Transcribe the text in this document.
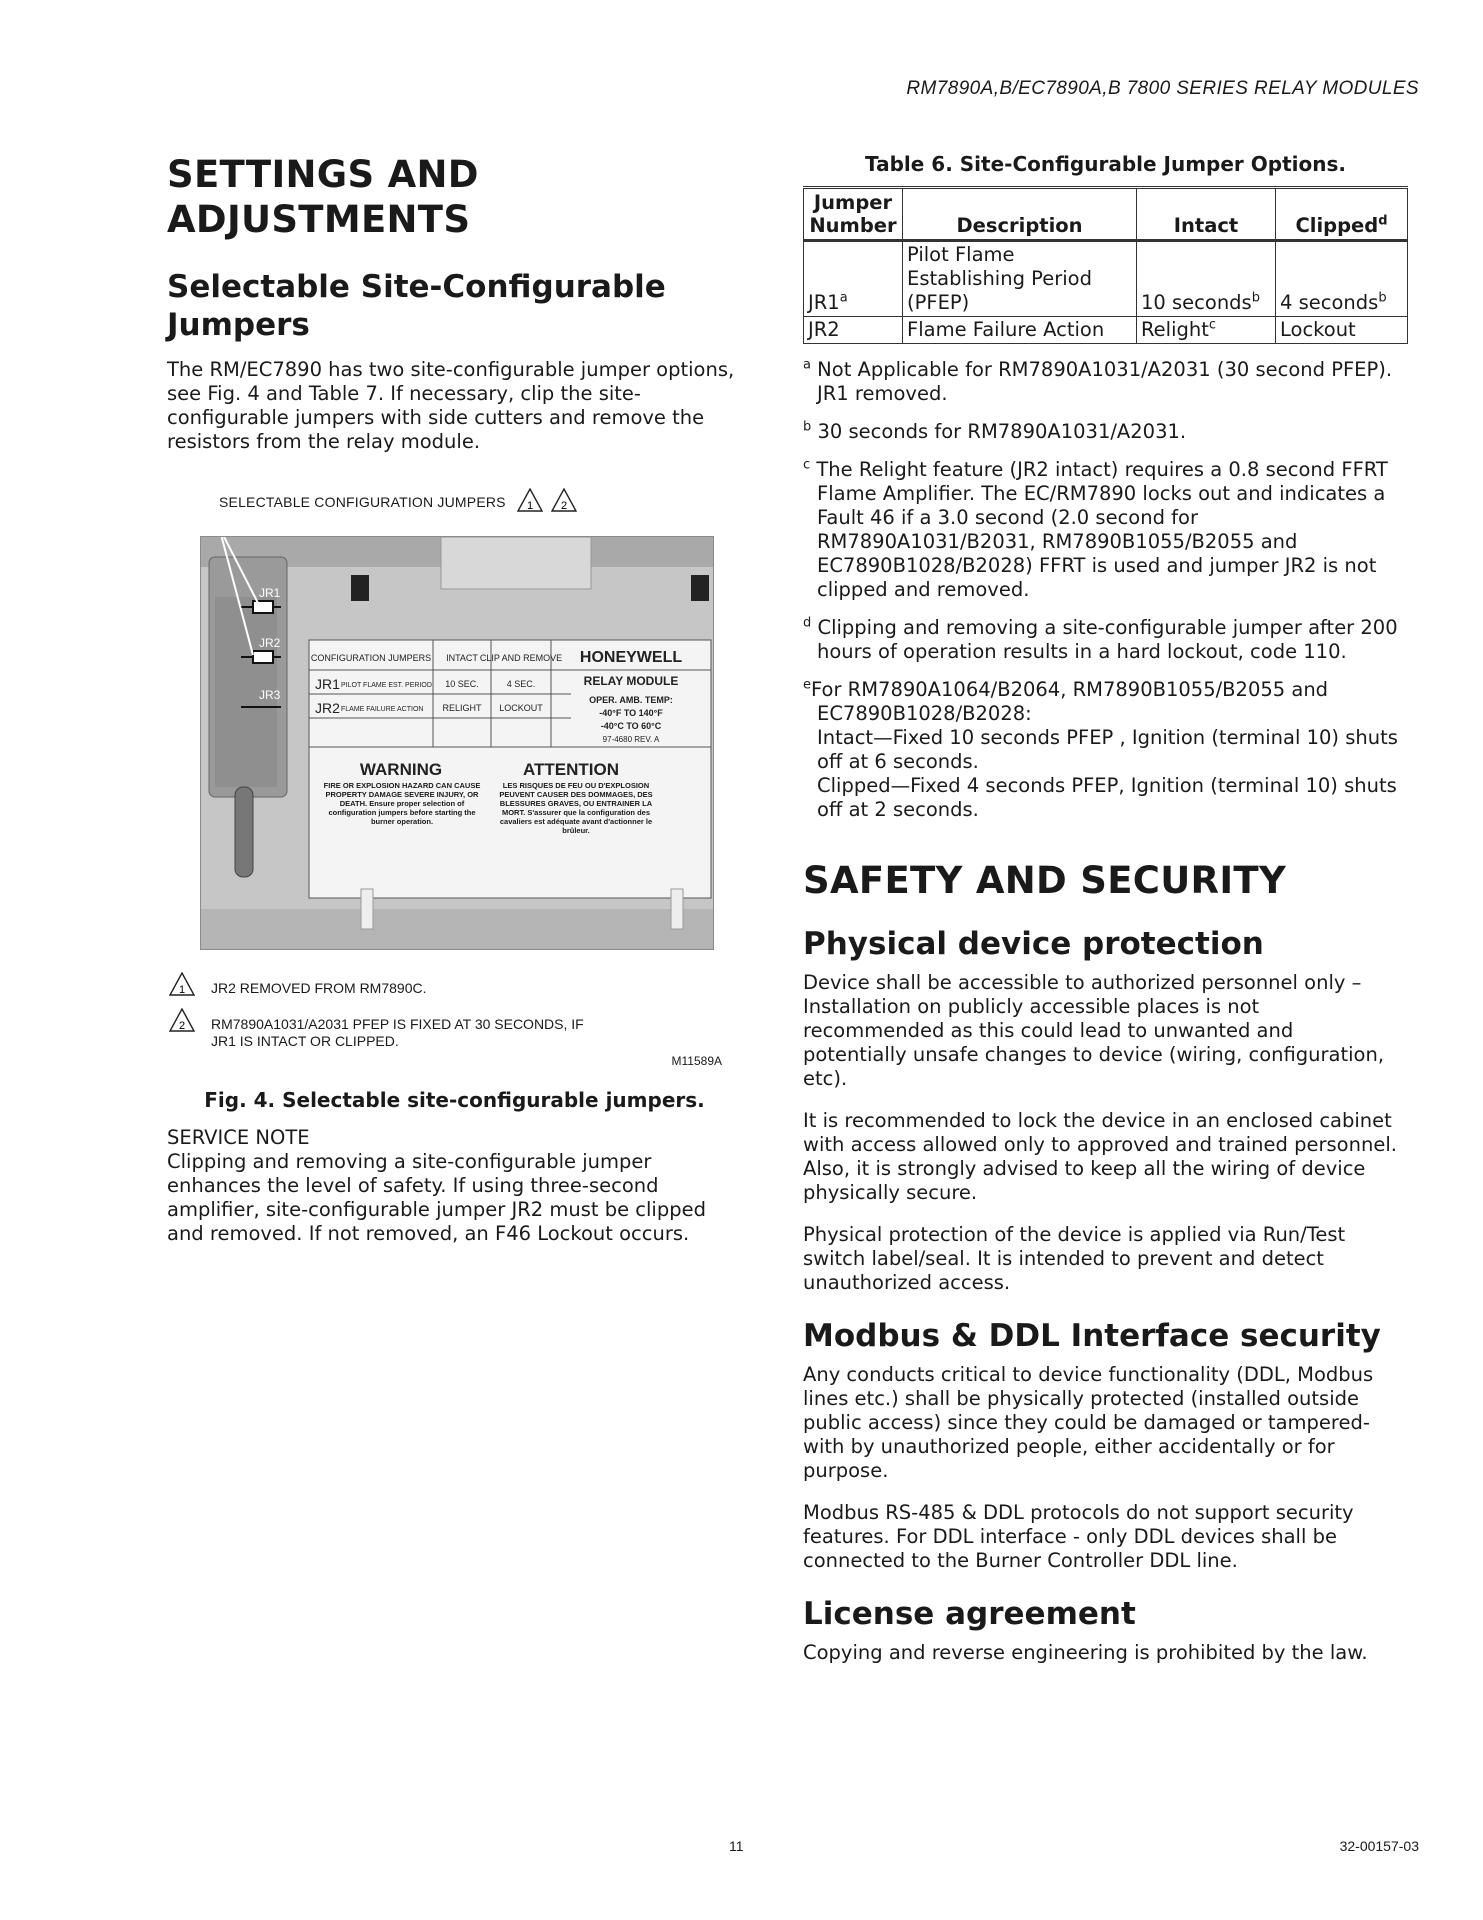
RM7890A,B/EC7890A,B 7800 SERIES RELAY MODULES
SETTINGS AND ADJUSTMENTS
Selectable Site-Configurable Jumpers

The RM/EC7890 has two site-configurable jumper options, see Fig. 4 and Table 7. If necessary, clip the site-configurable jumpers with side cutters and remove the resistors from the relay module.

SELECTABLE CONFIGURATION JUMPERS 1	2
JR1
JR2
JR3
CONFIGURATION JUMPERS INTACT CLIP AND REMOVE
JR1 PILOT FLAME EST. PERIOD 10 SEC.	4 SEC.
JR2 FLAME FAILURE ACTION RELIGHT LOCKOUT
HONEYWELL
RELAY MODULE
OPER. AMB. TEMP:
-40°F TO 140°F
-40°C TO 60°C
97-4680 REV. A
WARNING	ATTENTION
FIRE OR EXPLOSION HAZARD CAN CAUSE PROPERTY DAMAGE SEVERE INJURY, OR DEATH. Ensure proper selection of configuration jumpers before starting the burner operation.
LES RISQUES DE FEU OU D'EXPLOSION PEUVENT CAUSER DES DOMMAGES, DES BLESSURES GRAVES, OU ENTRAINER LA MORT. S'assurer que la configuration des cavaliers est adéquate avant d'actionner le brûleur.
1 JR2 REMOVED FROM RM7890C.
2 RM7890A1031/A2031 PFEP IS FIXED AT 30 SECONDS, IF
JR1 IS INTACT OR CLIPPED.
M11589A
Fig. 4. Selectable site-configurable jumpers.

SERVICE NOTE

Clipping and removing a site-configurable jumper enhances the level of safety. If using three-second amplifier, site-configurable jumper JR2 must be clipped and removed. If not removed, an F46 Lockout occurs.

Table 6. Site-Configurable Jumper Options.
Jumper Number	Description	Intact	Clipped$^d$
JR1$^a$	Pilot Flame Establishing Period (PFEP)	10 seconds$^b$	4 seconds$^b$
JR2	Flame Failure Action	Relight$^c$	Lockout
$^a$ Not Applicable for RM7890A1031/A2031 (30 second PFEP). JR1 removed.
$^b$ 30 seconds for RM7890A1031/A2031.
$^c$ The Relight feature (JR2 intact) requires a 0.8 second FFRT Flame Amplifier. The EC/RM7890 locks out and indicates a Fault 46 if a 3.0 second (2.0 second for RM7890A1031/B2031, RM7890B1055/B2055 and EC7890B1028/B2028) FFRT is used and jumper JR2 is not clipped and removed.
$^d$ Clipping and removing a site-configurable jumper after 200 hours of operation results in a hard lockout, code 110.
$^e$For RM7890A1064/B2064, RM7890B1055/B2055 and EC7890B1028/B2028:
Intact—Fixed 10 seconds PFEP , Ignition (terminal 10) shuts off at 6 seconds.
Clipped—Fixed 4 seconds PFEP, Ignition (terminal 10) shuts off at 2 seconds.
SAFETY AND SECURITY
Physical device protection

Device shall be accessible to authorized personnel only – Installation on publicly accessible places is not recommended as this could lead to unwanted and potentially unsafe changes to device (wiring, configuration, etc).

It is recommended to lock the device in an enclosed cabinet with access allowed only to approved and trained personnel. Also, it is strongly advised to keep all the wiring of device physically secure.

Physical protection of the device is applied via Run/Test switch label/seal. It is intended to prevent and detect unauthorized access.

Modbus & DDL Interface security

Any conducts critical to device functionality (DDL, Modbus lines etc.) shall be physically protected (installed outside public access) since they could be damaged or tampered-with by unauthorized people, either accidentally or for purpose.

Modbus RS-485 & DDL protocols do not support security features. For DDL interface - only DDL devices shall be connected to the Burner Controller DDL line.

License agreement

Copying and reverse engineering is prohibited by the law.

11	32-00157-03
